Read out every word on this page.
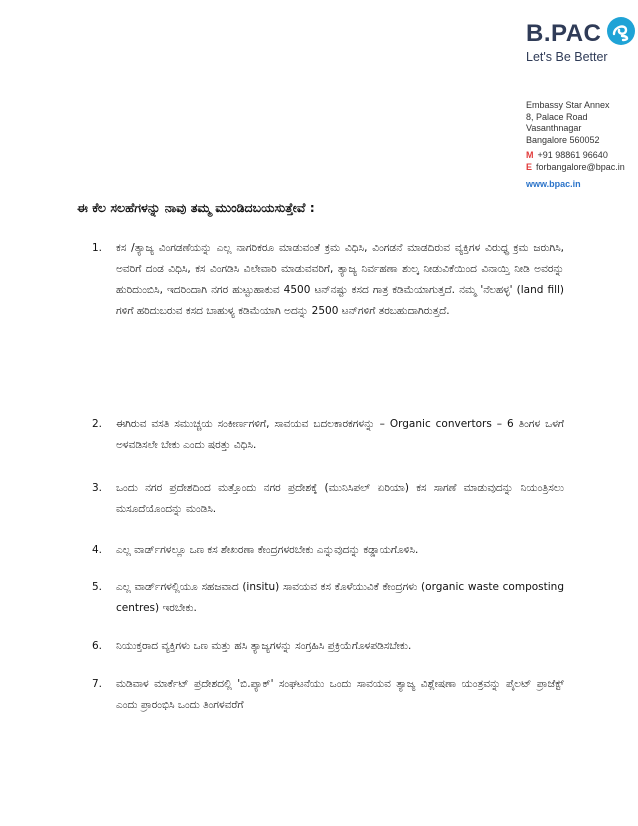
B.PAC
Let's Be Better
Embassy Star Annex
8, Palace Road
Vasanthnagar
Bangalore 560052
M +91 98861 96640
E forbangalore@bpac.in
www.bpac.in
ಈ ಕೆಲ ಸಲಹೆಗಳನ್ನು ನಾವು ತಮ್ಮ ಮುಂಡಿದಬಯಸುತ್ತೇವೆ :
1. ಕಸ /ತ್ಯಾಜ್ಯ ವಿಂಗಡಣೆಯನ್ನು ಎಲ್ಲ ನಾಗರಿಕರೂ ಮಾಡುವಂತೆ ಕ್ರಮ ವಿಧಿಸಿ, ವಿಂಗಡನೆ ಮಾಡದಿರುವ ವ್ಯಕ್ತಿಗಳ ವಿರುಧ್ಧ ಕ್ರಮ ಜರುಗಿಸಿ, ಅವರಿಗೆ ದಂಡ ವಿಧಿಸಿ, ಕಸ ವಿಂಗಡಿಸಿ ವಿಲೇವಾರಿ ಮಾಡುವವರಿಗೆ, ತ್ಯಾಜ್ಯ ನಿರ್ವಹಣಾ ಶುಲ್ಕ ನೀಡುವಿಕೆಯಿಂದ ವಿನಾಯ್ತಿ ನೀಡಿ ಅವರನ್ನು ಹುರಿದುಂಬಿಸಿ, ಇದರಿಂದಾಗಿ ನಗರ ಹುಟ್ಟುಹಾಕುವ 4500 ಟನ್‌ನಷ್ಟು ಕಸದ ಗಾತ್ರ ಕಡಿಮೆಯಾಗುತ್ತದೆ. ನಮ್ಮ 'ನೆಲಹಳ್ಳ' (land fill) ಗಳಿಗೆ ಹರಿದುಬರುವ ಕಸದ ಬಾಹುಳ್ಯ ಕಡಿಮೆಯಾಗಿ ಅದನ್ನು 2500 ಟನ್‌ಗಳಿಗೆ ತರಬಹುದಾಗಿರುತ್ತದೆ.
2. ಈಗಿರುವ ವಸತಿ ಸಮುಚ್ಚಯ ಸಂಕೀರ್ಣಗಳಿಗೆ, ಸಾವಯವ ಬದಲಕಾರಕಗಳನ್ನು – Organic convertors – 6 ತಿಂಗಳ ಒಳಗೆ ಅಳವಡಿಸಲೇ ಬೇಕು ಎಂದು ಷರತ್ತು ವಿಧಿಸಿ.
3. ಒಂದು ನಗರ ಪ್ರದೇಶದಿಂದ ಮತ್ತೊಂದು ನಗರ ಪ್ರದೇಶಕ್ಕೆ (ಮುನಿಸಿಪಲ್ ಏರಿಯಾ) ಕಸ ಸಾಗಣೆ ಮಾಡುವುದನ್ನು ನಿಯಂತ್ರಿಸಲು ಮಸೂದೆಯೊಂದನ್ನು ಮಂಡಿಸಿ.
4. ಎಲ್ಲ ವಾರ್ಡ್‌ಗಳಲ್ಲೂ ಒಣ ಕಸ ಶೇಖರಣಾ ಕೇಂದ್ರಗಳರಬೇಕು ಎನ್ನುವುದನ್ನು ಕಡ್ಡಾಯಗೊಳಿಸಿ.
5. ಎಲ್ಲ ವಾರ್ಡ್‌ಗಳಲ್ಲಿಯೂ ಸಹಜವಾದ (insitu) ಸಾವಯವ ಕಸ ಕೊಳೆಯುವಿಕೆ ಕೇಂದ್ರಗಳು (organic waste composting centres) ಇರಬೇಕು.
6. ನಿಯುಕ್ತರಾದ ವ್ಯಕ್ತಿಗಳು ಒಣ ಮತ್ತು ಹಸಿ ತ್ಯಾಜ್ಯಗಳನ್ನು ಸಂಗ್ರಹಿಸಿ ಪ್ರಕ್ರಿಯೆಗೊಳಪಡಿಸಬೇಕು.
7. ಮಡಿವಾಳ ಮಾರ್ಕೆಟ್ ಪ್ರದೇಶದಲ್ಲಿ 'ಬಿ.ಪ್ಯಾಕ್' ಸಂಘಟನೆಯು ಒಂದು ಸಾವಯವ ತ್ಯಾಜ್ಯ ವಿಶ್ಲೇಷಣಾ ಯಂತ್ರವನ್ನು ಪೈಲಟ್ ಪ್ರಾಜೆಕ್ಟ್ ಎಂದು ಪ್ರಾರಂಭಿಸಿ ಒಂದು ತಿಂಗಳವರೆಗೆ
